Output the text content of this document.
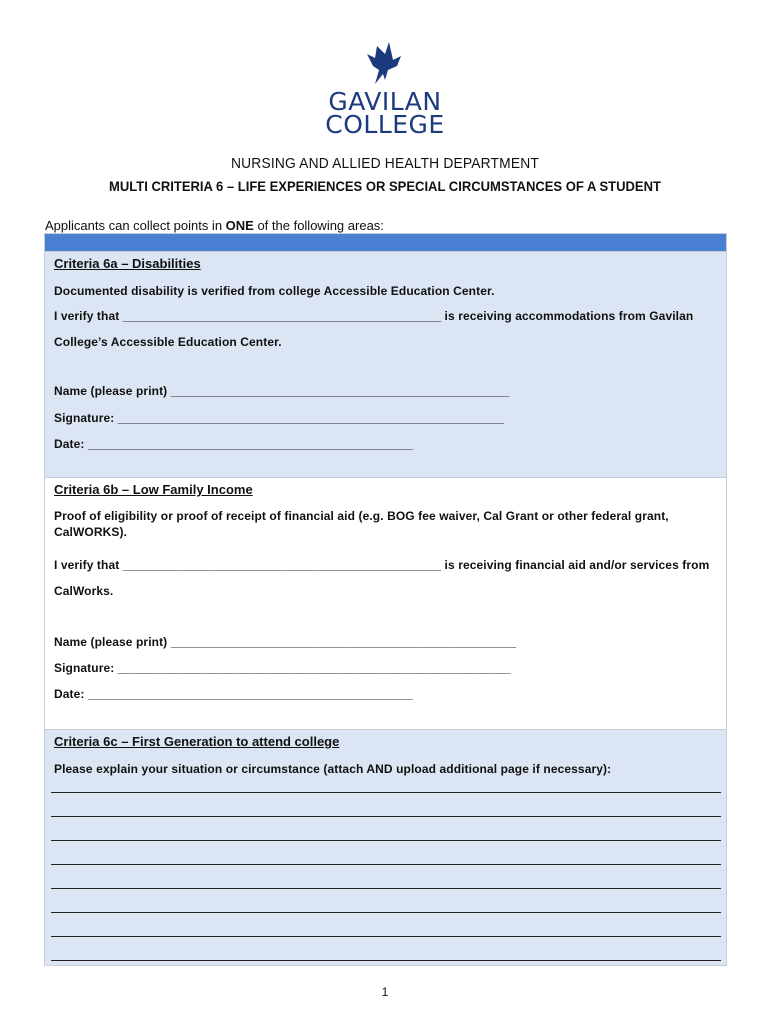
GAVILAN
COLLEGE
NURSING AND ALLIED HEALTH DEPARTMENT
MULTI CRITERIA 6 – LIFE EXPERIENCES OR SPECIAL CIRCUMSTANCES OF A STUDENT
Applicants can collect points in ONE of the following areas:
Criteria 6a – Disabilities
Documented disability is verified from college Accessible Education Center.
I verify that _______________________________________________ is receiving accommodations from Gavilan
College’s Accessible Education Center.
Name (please print) __________________________________________________
Signature: _________________________________________________________
Date: ________________________________________________
Criteria 6b – Low Family Income
Proof of eligibility or proof of receipt of financial aid (e.g. BOG fee waiver, Cal Grant or other federal grant, CalWORKS).
I verify that _______________________________________________ is receiving financial aid and/or services from
CalWorks.
Name (please print) ___________________________________________________
Signature: __________________________________________________________
Date: ________________________________________________
Criteria 6c – First Generation to attend college
Please explain your situation or circumstance (attach AND upload additional page if necessary):
1
